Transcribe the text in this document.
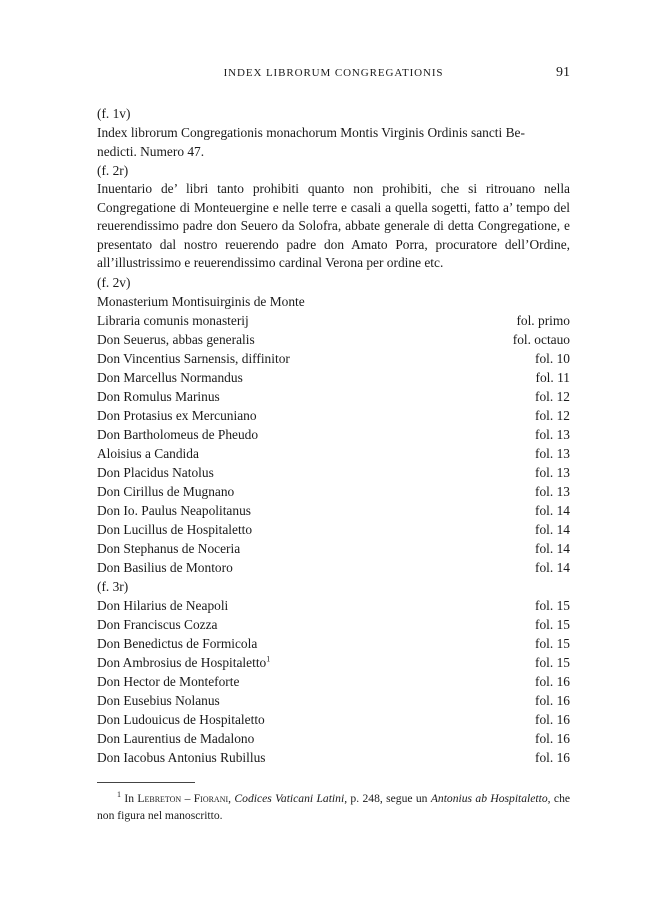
INDEX LIBRORUM CONGREGATIONIS	91
(f. 1v)
Index librorum Congregationis monachorum Montis Virginis Ordinis sancti Be-
nedicti. Numero 47.
(f. 2r)
Inuentario de’ libri tanto prohibiti quanto non prohibiti, che si ritrouano nella Congregatione di Monteuergine e nelle terre e casali a quella sogetti, fatto a’ tempo del reuerendissimo padre don Seuero da Solofra, abbate generale di detta Congregatione, e presentato dal nostro reuerendo padre don Amato Porra, procuratore dell’Ordine, all’illustrissimo e reuerendissimo cardinal Verona per ordine etc.
(f. 2v)
Monasterium Montisuirginis de Monte
Libraria comunis monasterij	fol. primo
Don Seuerus, abbas generalis	fol. octauo
Don Vincentius Sarnensis, diffinitor	fol. 10
Don Marcellus Normandus	fol. 11
Don Romulus Marinus	fol. 12
Don Protasius ex Mercuniano	fol. 12
Don Bartholomeus de Pheudo	fol. 13
Aloisius a Candida	fol. 13
Don Placidus Natolus	fol. 13
Don Cirillus de Mugnano	fol. 13
Don Io. Paulus Neapolitanus	fol. 14
Don Lucillus de Hospitaletto	fol. 14
Don Stephanus de Noceria	fol. 14
Don Basilius de Montoro	fol. 14
(f. 3r)
Don Hilarius de Neapoli	fol. 15
Don Franciscus Cozza	fol. 15
Don Benedictus de Formicola	fol. 15
Don Ambrosius de Hospitaletto$^1$	fol. 15
Don Hector de Monteforte	fol. 16
Don Eusebius Nolanus	fol. 16
Don Ludouicus de Hospitaletto	fol. 16
Don Laurentius de Madalono	fol. 16
Don Iacobus Antonius Rubillus	fol. 16
$^1$ In Lebreton – Fiorani, Codices Vaticani Latini, p. 248, segue un Antonius ab Hospitaletto, che non figura nel manoscritto.
